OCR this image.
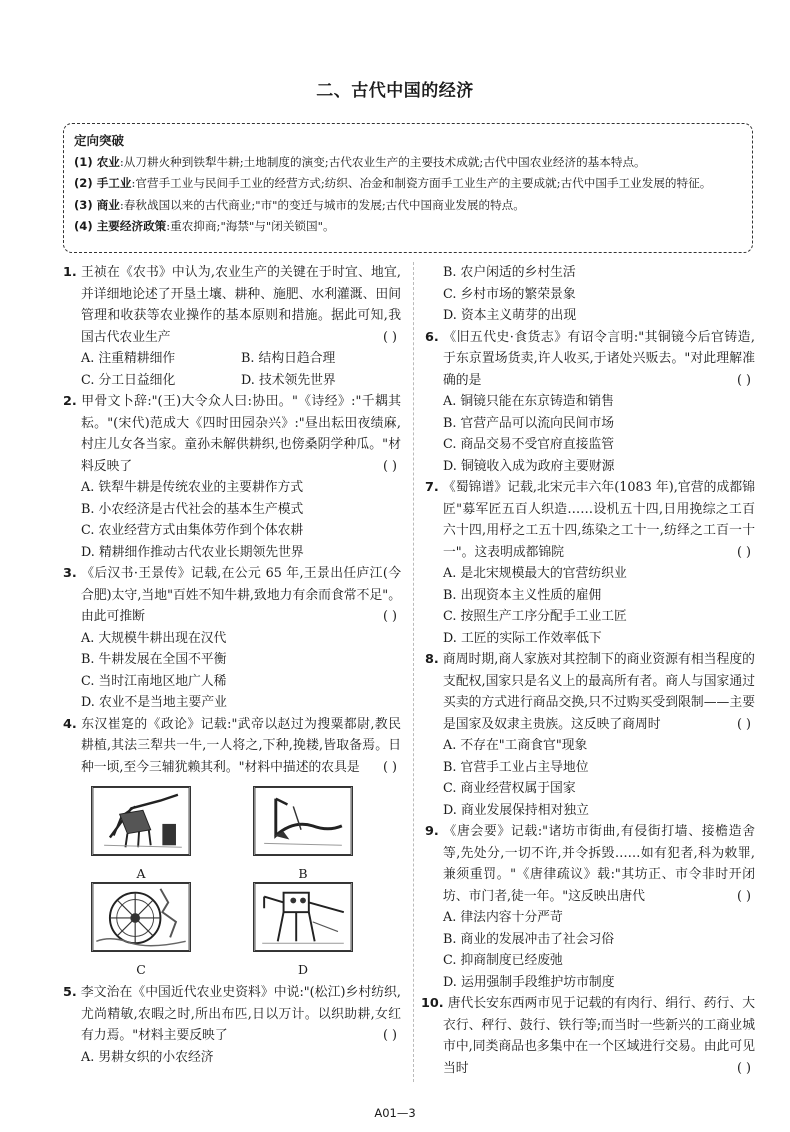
二、古代中国的经济
定向突破
(1) 农业:从刀耕火种到铁犁牛耕;土地制度的演变;古代农业生产的主要技术成就;古代中国农业经济的基本特点。
(2) 手工业:官营手工业与民间手工业的经营方式;纺织、冶金和制瓷方面手工业生产的主要成就;古代中国手工业发展的特征。
(3) 商业:春秋战国以来的古代商业;"市"的变迁与城市的发展;古代中国商业发展的特点。
(4) 主要经济政策:重农抑商;"海禁"与"闭关锁国"。
1. 王祯在《农书》中认为,农业生产的关键在于时宜、地宜,并详细地论述了开垦土壤、耕种、施肥、水利灌溉、田间管理和收获等农业操作的基本原则和措施。据此可知,我国古代农业生产	( )
A. 注重精耕细作	B. 结构日趋合理
C. 分工日益细化	D. 技术领先世界
2. 甲骨文卜辞:"(王)大令众人曰:协田。"《诗经》:"千耦其耘。"(宋代)范成大《四时田园杂兴》:"昼出耘田夜绩麻,村庄儿女各当家。童孙未解供耕织,也傍桑阴学种瓜。"材料反映了	( )
A. 铁犁牛耕是传统农业的主要耕作方式
B. 小农经济是古代社会的基本生产模式
C. 农业经营方式由集体劳作到个体农耕
D. 精耕细作推动古代农业长期领先世界
3. 《后汉书·王景传》记载,在公元 65 年,王景出任庐江(今合肥)太守,当地"百姓不知牛耕,致地力有余而食常不足"。由此可推断	( )
A. 大规模牛耕出现在汉代
B. 牛耕发展在全国不平衡
C. 当时江南地区地广人稀
D. 农业不是当地主要产业
4. 东汉崔寔的《政论》记载:"武帝以赵过为搜粟都尉,教民耕植,其法三犁共一牛,一人将之,下种,挽耧,皆取备焉。日种一顷,至今三辅犹赖其利。"材料中描述的农具是 ( )
A	B
C	D
5. 李文治在《中国近代农业史资料》中说:"(松江)乡村纺织,尤尚精敏,农暇之时,所出布匹,日以万计。以织助耕,女红有力焉。"材料主要反映了	( )
A. 男耕女织的小农经济
B. 农户闲适的乡村生活
C. 乡村市场的繁荣景象
D. 资本主义萌芽的出现
6. 《旧五代史·食货志》有诏令言明:"其铜镜今后官铸造,于东京置场货卖,许人收买,于诸处兴贩去。"对此理解准确的是	( )
A. 铜镜只能在东京铸造和销售
B. 官营产品可以流向民间市场
C. 商品交易不受官府直接监管
D. 铜镜收入成为政府主要财源
7. 《蜀锦谱》记载,北宋元丰六年(1083 年),官营的成都锦匠"募军匠五百人织造……设机五十四,日用挽综之工百六十四,用杼之工五十四,练染之工十一,纺绎之工百一十一"。这表明成都锦院	( )
A. 是北宋规模最大的官营纺织业
B. 出现资本主义性质的雇佣
C. 按照生产工序分配手工业工匠
D. 工匠的实际工作效率低下
8. 商周时期,商人家族对其控制下的商业资源有相当程度的支配权,国家只是名义上的最高所有者。商人与国家通过买卖的方式进行商品交换,只不过购买受到限制——主要是国家及奴隶主贵族。这反映了商周时	( )
A. 不存在"工商食官"现象
B. 官营手工业占主导地位
C. 商业经营权属于国家
D. 商业发展保持相对独立
9. 《唐会要》记载:"诸坊市街曲,有侵街打墙、接檐造舍等,先处分,一切不许,并令拆毁……如有犯者,科为敕罪,兼须重罚。"《唐律疏议》载:"其坊正、市令非时开闭坊、市门者,徒一年。"这反映出唐代	( )
A. 律法内容十分严苛
B. 商业的发展冲击了社会习俗
C. 抑商制度已经废弛
D. 运用强制手段维护坊市制度
10. 唐代长安东西两市见于记载的有肉行、绢行、药行、大衣行、秤行、鼓行、铁行等;而当时一些新兴的工商业城市中,同类商品也多集中在一个区域进行交易。由此可见当时	( )
A01—3
